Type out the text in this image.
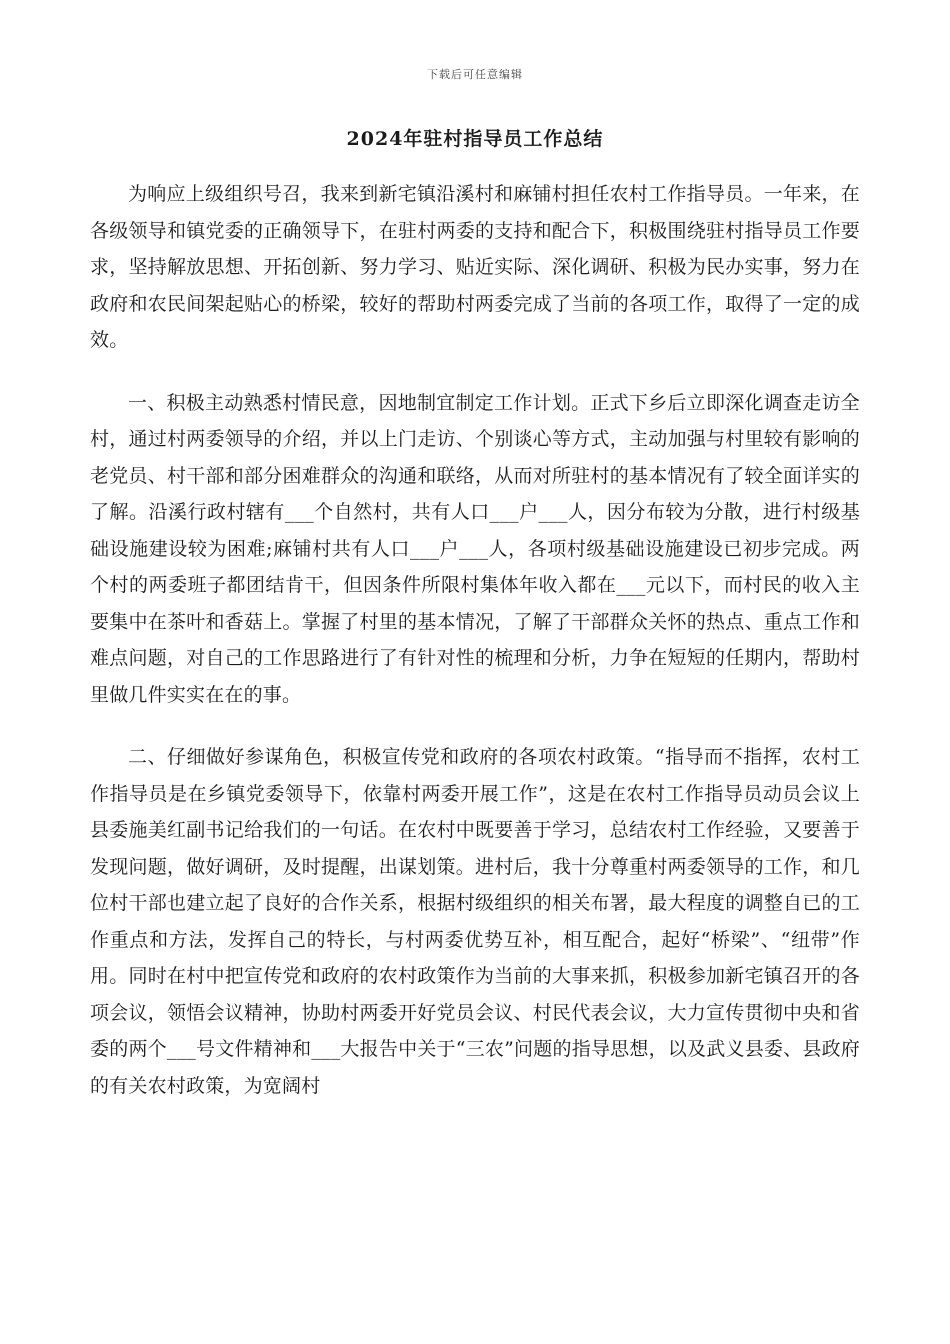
下载后可任意编辑
2024年驻村指导员工作总结

为响应上级组织号召，我来到新宅镇沿溪村和麻铺村担任农村工作指导员。一年来，在各级领导和镇党委的正确领导下，在驻村两委的支持和配合下，积极围绕驻村指导员工作要求，坚持解放思想、开拓创新、努力学习、贴近实际、深化调研、积极为民办实事，努力在政府和农民间架起贴心的桥梁，较好的帮助村两委完成了当前的各项工作，取得了一定的成效。

一、积极主动熟悉村情民意，因地制宜制定工作计划。正式下乡后立即深化调查走访全村，通过村两委领导的介绍，并以上门走访、个别谈心等方式，主动加强与村里较有影响的老党员、村干部和部分困难群众的沟通和联络，从而对所驻村的基本情况有了较全面详实的了解。沿溪行政村辖有___个自然村，共有人口___户___人，因分布较为分散，进行村级基础设施建设较为困难;麻铺村共有人口___户___人，各项村级基础设施建设已初步完成。两个村的两委班子都团结肯干，但因条件所限村集体年收入都在___元以下，而村民的收入主要集中在茶叶和香菇上。掌握了村里的基本情况，了解了干部群众关怀的热点、重点工作和难点问题，对自己的工作思路进行了有针对性的梳理和分析，力争在短短的任期内，帮助村里做几件实实在在的事。

二、仔细做好参谋角色，积极宣传党和政府的各项农村政策。“指导而不指挥，农村工作指导员是在乡镇党委领导下，依靠村两委开展工作”，这是在农村工作指导员动员会议上县委施美红副书记给我们的一句话。在农村中既要善于学习，总结农村工作经验，又要善于发现问题，做好调研，及时提醒，出谋划策。进村后，我十分尊重村两委领导的工作，和几位村干部也建立起了良好的合作关系，根据村级组织的相关布署，最大程度的调整自已的工作重点和方法，发挥自己的特长，与村两委优势互补，相互配合，起好“桥梁”、“纽带”作用。同时在村中把宣传党和政府的农村政策作为当前的大事来抓，积极参加新宅镇召开的各项会议，领悟会议精神，协助村两委开好党员会议、村民代表会议，大力宣传贯彻中央和省委的两个___号文件精神和___大报告中关于“三农”问题的指导思想，以及武义县委、县政府的有关农村政策，为宽阔村
